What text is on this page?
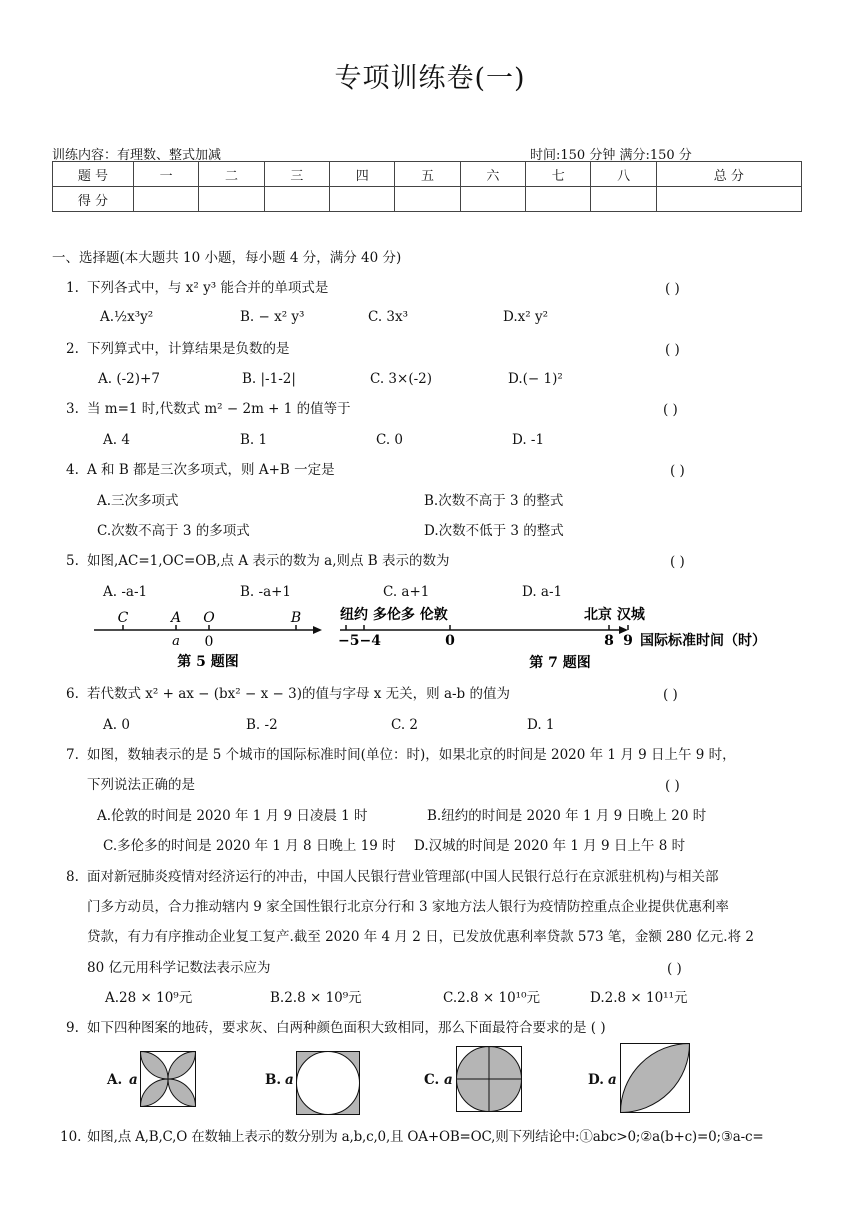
专项训练卷(一)
训练内容：有理数、整式加减	时间:150 分钟 满分:150 分
题 号	一	二	三	四	五	六	七	八	总 分
得 分									
一、选择题(本大题共 10 小题，每小题 4 分，满分 40 分)
1. 下列各式中，与 x² y³ 能合并的单项式是	( )
A.½x³y²	B. − x² y³	C. 3x³	D.x² y²
2. 下列算式中，计算结果是负数的是	( )
A. (-2)+7	B. |-1-2|	C. 3×(-2)	D.(− 1)²
3. 当 m=1 时,代数式 m² − 2m + 1 的值等于	( )
A. 4	B. 1	C. 0	D. -1
4. A 和 B 都是三次多项式，则 A+B 一定是	( )
A.三次多项式	B.次数不高于 3 的整式
C.次数不高于 3 的多项式	D.次数不低于 3 的整式
5. 如图,AC=1,OC=OB,点 A 表示的数为 a,则点 B 表示的数为	( )
A. -a-1	B. -a+1	C. a+1	D. a-1
C	A O	B
a 0
第 5 题图
纽约 多伦多 伦敦	北京 汉城
−5−4	0	8 9 国际标准时间（时）
第 7 题图
6. 若代数式 x² + ax − (bx² − x − 3)的值与字母 x 无关，则 a-b 的值为	( )
A. 0	B. -2	C. 2	D. 1
7. 如图，数轴表示的是 5 个城市的国际标准时间(单位：时)，如果北京的时间是 2020 年 1 月 9 日上午 9 时，
下列说法正确的是	( )
A.伦敦的时间是 2020 年 1 月 9 日凌晨 1 时	B.纽约的时间是 2020 年 1 月 9 日晚上 20 时
C.多伦多的时间是 2020 年 1 月 8 日晚上 19 时 D.汉城的时间是 2020 年 1 月 9 日上午 8 时
8. 面对新冠肺炎疫情对经济运行的冲击，中国人民银行营业管理部(中国人民银行总行在京派驻机构)与相关部
门多方动员，合力推动辖内 9 家全国性银行北京分行和 3 家地方法人银行为疫情防控重点企业提供优惠利率
贷款，有力有序推动企业复工复产.截至 2020 年 4 月 2 日，已发放优惠利率贷款 573 笔，金额 280 亿元.将 2
80 亿元用科学记数法表示应为	( )
A.28 × 10⁹元	B.2.8 × 10⁹元	C.2.8 × 10¹⁰元	D.2.8 × 10¹¹元
9. 如下四种图案的地砖，要求灰、白两种颜色面积大致相同，那么下面最符合要求的是 ( )
A. a	B. a	C. a	D. a
10. 如图,点 A,B,C,O 在数轴上表示的数分别为 a,b,c,0,且 OA+OB=OC,则下列结论中:①abc>0;②a(b+c)=0;③a-c=
